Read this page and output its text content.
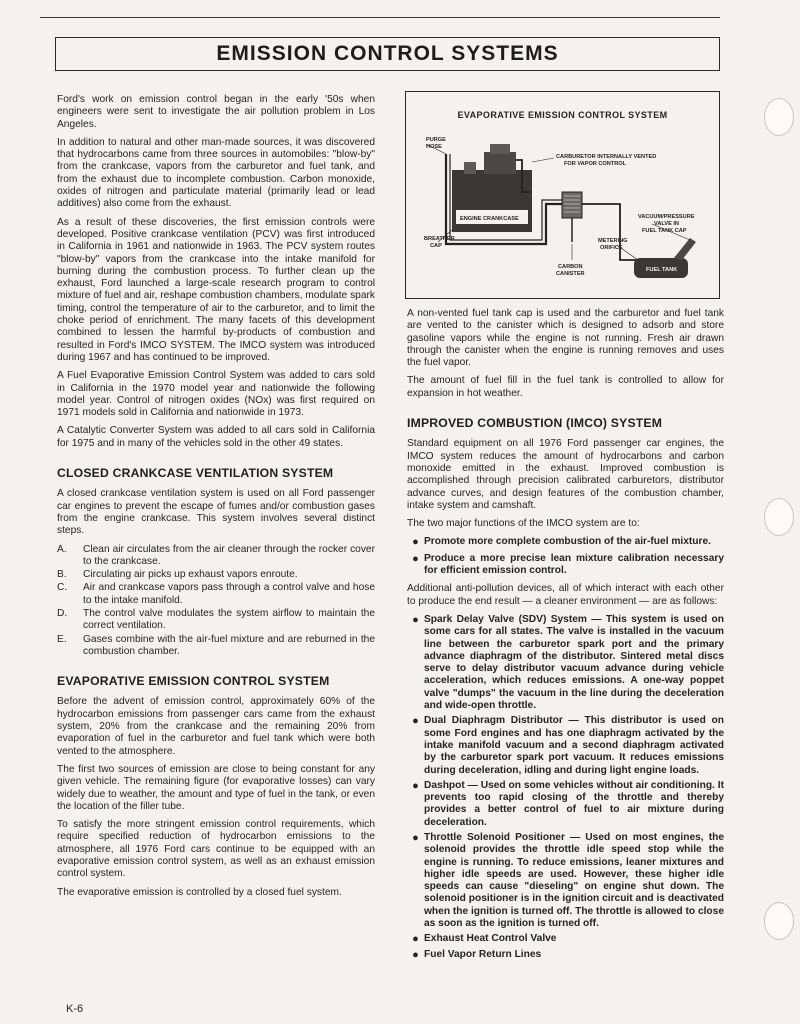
EMISSION CONTROL SYSTEMS

Ford's work on emission control began in the early '50s when engineers were sent to investigate the air pollution problem in Los Angeles.

In addition to natural and other man-made sources, it was discovered that hydrocarbons came from three sources in automobiles: "blow-by" from the crankcase, vapors from the carburetor and fuel tank, and from the exhaust due to incomplete combustion. Carbon monoxide, oxides of nitrogen and particulate material (primarily lead or lead additives) also come from the exhaust.

As a result of these discoveries, the first emission controls were developed. Positive crankcase ventilation (PCV) was first introduced in California in 1961 and nationwide in 1963. The PCV system routes "blow-by" vapors from the crankcase into the intake manifold for burning during the combustion process. To further clean up the exhaust, Ford launched a large-scale research program to control mixture of fuel and air, reshape combustion chambers, modulate spark timing, control the temperature of air to the carburetor, and to limit the choke period of enrichment. The many facets of this development combined to lessen the harmful by-products of combustion and resulted in Ford's IMCO SYSTEM. The IMCO system was introduced during 1967 and has continued to be improved.

A Fuel Evaporative Emission Control System was added to cars sold in California in the 1970 model year and nationwide the following model year. Control of nitrogen oxides (NOx) was first required on 1971 models sold in California and nationwide in 1973.

A Catalytic Converter System was added to all cars sold in California for 1975 and in many of the vehicles sold in the other 49 states.

CLOSED CRANKCASE VENTILATION SYSTEM

A closed crankcase ventilation system is used on all Ford passenger car engines to prevent the escape of fumes and/or combustion gases from the engine crankcase. This system involves several distinct steps.

A.	Clean air circulates from the air cleaner through the rocker cover to the crankcase.
B.	Circulating air picks up exhaust vapors enroute.
C.	Air and crankcase vapors pass through a control valve and hose to the intake manifold.
D.	The control valve modulates the system airflow to maintain the correct ventilation.
E.	Gases combine with the air-fuel mixture and are reburned in the combustion chamber.
EVAPORATIVE EMISSION CONTROL SYSTEM

Before the advent of emission control, approximately 60% of the hydrocarbon emissions from passenger cars came from the exhaust system, 20% from the crankcase and the remaining 20% from evaporation of fuel in the carburetor and fuel tank which were both vented to the atmosphere.

The first two sources of emission are close to being constant for any given vehicle. The remaining figure (for evaporative losses) can vary widely due to weather, the amount and type of fuel in the tank, or even the location of the filler tube.

To satisfy the more stringent emission control requirements, which require specified reduction of hydrocarbon emissions to the atmosphere, all 1976 Ford cars continue to be equipped with an evaporative emission control system, as well as an exhaust emission control system.

The evaporative emission is controlled by a closed fuel system.

EVAPORATIVE EMISSION CONTROL SYSTEM
PURGE
HOSE
CARBURETOR INTERNALLY VENTED
FOR VAPOR CONTROL
ENGINE CRANKCASE
BREATHER
CAP
VACUUM/PRESSURE
VALVE IN
FUEL TANK CAP
METERING
ORIFICE
FUEL TANK
CARBON
CANISTER

A non-vented fuel tank cap is used and the carburetor and fuel tank are vented to the canister which is designed to adsorb and store gasoline vapors while the engine is not running. Fresh air drawn through the canister when the engine is running removes and uses the fuel vapor.

The amount of fuel fill in the fuel tank is controlled to allow for expansion in hot weather.

IMPROVED COMBUSTION (IMCO) SYSTEM

Standard equipment on all 1976 Ford passenger car engines, the IMCO system reduces the amount of hydrocarbons and carbon monoxide emitted in the exhaust. Improved combustion is accomplished through precision calibrated carburetors, distributor advance curves, and design features of the combustion chamber, intake system and camshaft.

The two major functions of the IMCO system are to:

● Promote more complete combustion of the air-fuel mixture.
● Produce a more precise lean mixture calibration necessary for efficient emission control.

Additional anti-pollution devices, all of which interact with each other to produce the end result — a cleaner environment — are as follows:

● Spark Delay Valve (SDV) System — This system is used on some cars for all states. The valve is installed in the vacuum line between the carburetor spark port and the primary advance diaphragm of the distributor. Sintered metal discs serve to delay distributor vacuum advance during vehicle acceleration, which reduces emissions. A one-way poppet valve "dumps" the vacuum in the line during the deceleration and wide-open throttle.
● Dual Diaphragm Distributor — This distributor is used on some Ford engines and has one diaphragm activated by the intake manifold vacuum and a second diaphragm activated by the carburetor spark port vacuum. It reduces emissions during deceleration, idling and during light engine loads.
● Dashpot — Used on some vehicles without air conditioning. It prevents too rapid closing of the throttle and thereby provides a better control of fuel to air mixture during deceleration.
● Throttle Solenoid Positioner — Used on most engines, the solenoid provides the throttle idle speed stop while the engine is running. To reduce emissions, leaner mixtures and higher idle speeds are used. However, these higher idle speeds can cause "dieseling" on engine shut down. The solenoid positioner is in the ignition circuit and is deactivated when the ignition is turned off. The throttle is allowed to close as soon as the ignition is turned off.
● Exhaust Heat Control Valve
● Fuel Vapor Return Lines
K-6
